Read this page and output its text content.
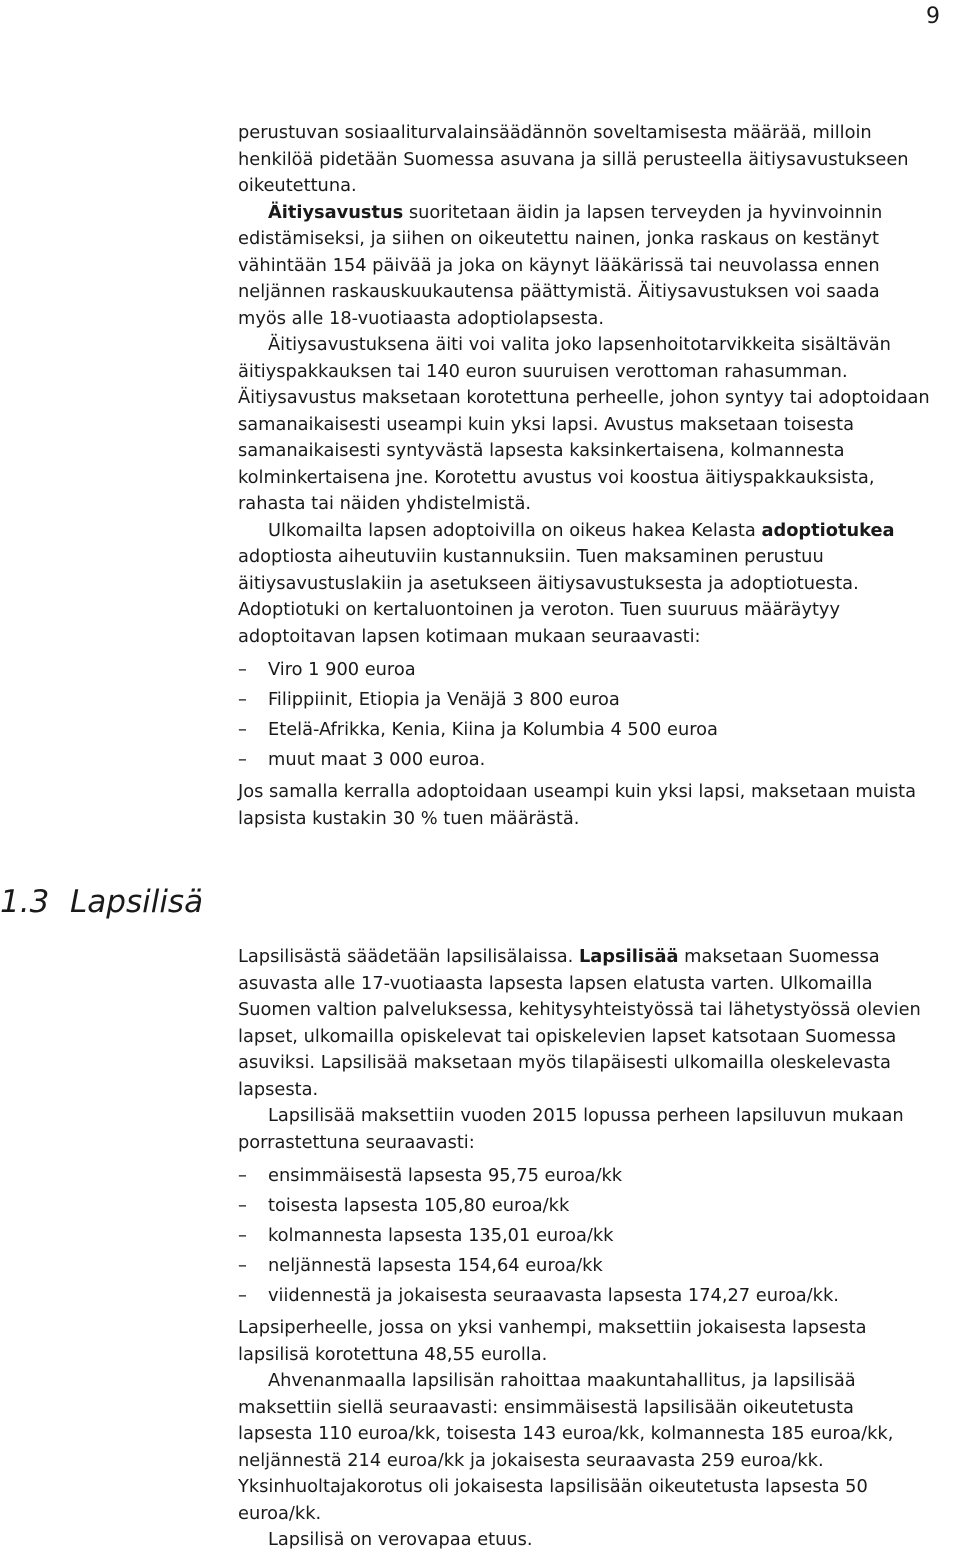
9

perustuvan sosiaaliturvalainsäädännön soveltamisesta määrää, milloin henkilöä pidetään Suomessa asuvana ja sillä perusteella äitiysavustukseen oikeutettuna.

Äitiysavustus suoritetaan äidin ja lapsen terveyden ja hyvinvoinnin edistämiseksi, ja siihen on oikeutettu nainen, jonka raskaus on kestänyt vähintään 154 päivää ja joka on käynyt lääkärissä tai neuvolassa ennen neljännen raskauskuukautensa päättymistä. Äitiysavustuksen voi saada myös alle 18-vuotiaasta adoptiolapsesta.

Äitiysavustuksena äiti voi valita joko lapsenhoitotarvikkeita sisältävän äitiyspakkauksen tai 140 euron suuruisen verottoman rahasumman. Äitiysavustus maksetaan korotettuna perheelle, johon syntyy tai adoptoidaan samanaikaisesti useampi kuin yksi lapsi. Avustus maksetaan toisesta samanaikaisesti syntyvästä lapsesta kaksinkertaisena, kolmannesta kolminkertaisena jne. Korotettu avustus voi koostua äitiyspakkauksista, rahasta tai näiden yhdistelmistä.

Ulkomailta lapsen adoptoivilla on oikeus hakea Kelasta adoptiotukea adoptiosta aiheutuviin kustannuksiin. Tuen maksaminen perustuu äitiysavustuslakiin ja asetukseen äitiysavustuksesta ja adoptiotuesta. Adoptiotuki on kertaluontoinen ja veroton. Tuen suuruus määräytyy adoptoitavan lapsen kotimaan mukaan seuraavasti:

– Viro 1 900 euroa
– Filippiinit, Etiopia ja Venäjä 3 800 euroa
– Etelä-Afrikka, Kenia, Kiina ja Kolumbia 4 500 euroa
– muut maat 3 000 euroa.

Jos samalla kerralla adoptoidaan useampi kuin yksi lapsi, maksetaan muista lapsista kustakin 30 % tuen määrästä.

1.3 Lapsilisä

Lapsilisästä säädetään lapsilisälaissa. Lapsilisää maksetaan Suomessa asuvasta alle 17-vuotiaasta lapsesta lapsen elatusta varten. Ulkomailla Suomen valtion palveluksessa, kehitysyhteistyössä tai lähetystyössä olevien lapset, ulkomailla opiskelevat tai opiskelevien lapset katsotaan Suomessa asuviksi. Lapsilisää maksetaan myös tilapäisesti ulkomailla oleskelevasta lapsesta.

Lapsilisää maksettiin vuoden 2015 lopussa perheen lapsiluvun mukaan porrastettuna seuraavasti:

– ensimmäisestä lapsesta 95,75 euroa/kk
– toisesta lapsesta 105,80 euroa/kk
– kolmannesta lapsesta 135,01 euroa/kk
– neljännestä lapsesta 154,64 euroa/kk
– viidennestä ja jokaisesta seuraavasta lapsesta 174,27 euroa/kk.

Lapsiperheelle, jossa on yksi vanhempi, maksettiin jokaisesta lapsesta lapsilisä korotettuna 48,55 eurolla.

Ahvenanmaalla lapsilisän rahoittaa maakuntahallitus, ja lapsilisää maksettiin siellä seuraavasti: ensimmäisestä lapsilisään oikeutetusta lapsesta 110 euroa/kk, toisesta 143 euroa/kk, kolmannesta 185 euroa/kk, neljännestä 214 euroa/kk ja jokaisesta seuraavasta 259 euroa/kk. Yksinhuoltajakorotus oli jokaisesta lapsilisään oikeutetusta lapsesta 50 euroa/kk.

Lapsilisä on verovapaa etuus.
